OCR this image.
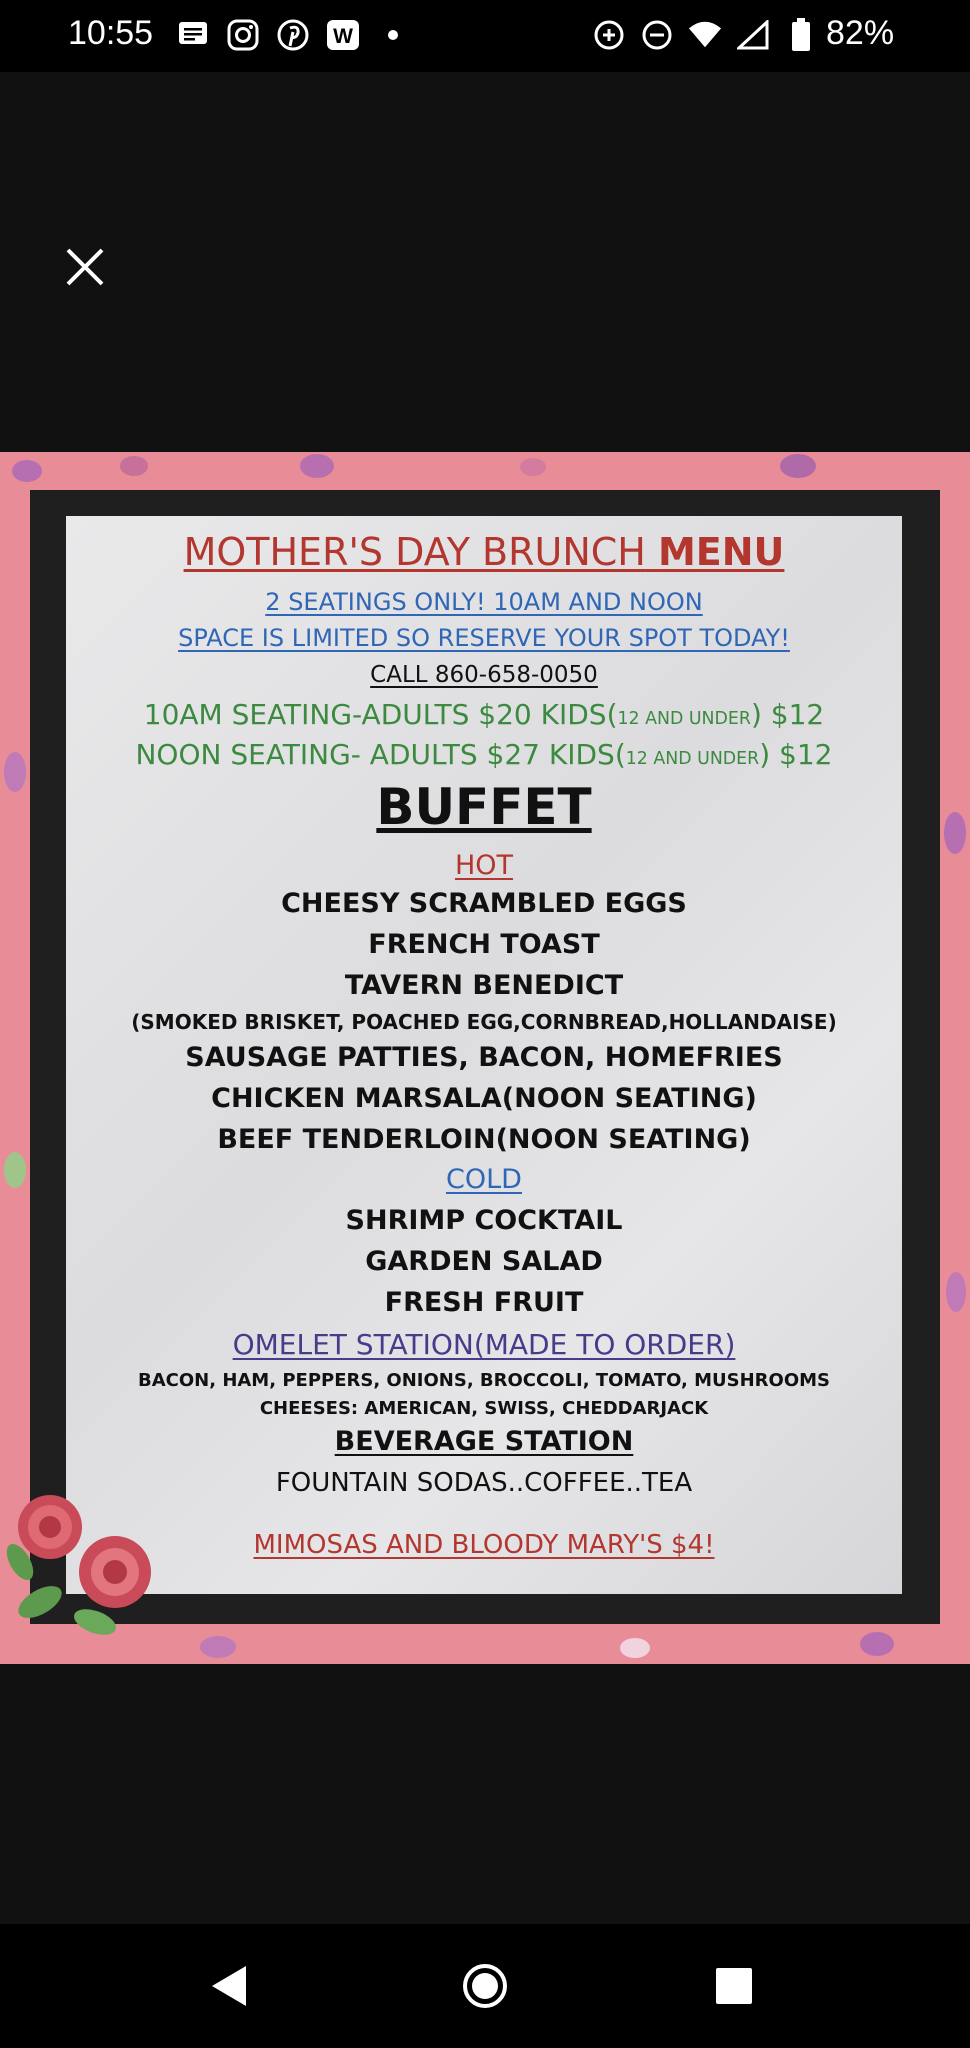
10:55	W	82%
MOTHER'S DAY BRUNCH MENU
2 SEATINGS ONLY! 10AM AND NOON
SPACE IS LIMITED SO RESERVE YOUR SPOT TODAY!
CALL 860-658-0050
10AM SEATING-ADULTS $20 KIDS(12 AND UNDER) $12
NOON SEATING- ADULTS $27 KIDS(12 AND UNDER) $12
BUFFET
HOT
CHEESY SCRAMBLED EGGS
FRENCH TOAST
TAVERN BENEDICT
(SMOKED BRISKET, POACHED EGG,CORNBREAD,HOLLANDAISE)
SAUSAGE PATTIES, BACON, HOMEFRIES
CHICKEN MARSALA(NOON SEATING)
BEEF TENDERLOIN(NOON SEATING)
COLD
SHRIMP COCKTAIL
GARDEN SALAD
FRESH FRUIT
OMELET STATION(MADE TO ORDER)
BACON, HAM, PEPPERS, ONIONS, BROCCOLI, TOMATO, MUSHROOMS
CHEESES: AMERICAN, SWISS, CHEDDARJACK
BEVERAGE STATION
FOUNTAIN SODAS..COFFEE..TEA
MIMOSAS AND BLOODY MARY'S $4!
